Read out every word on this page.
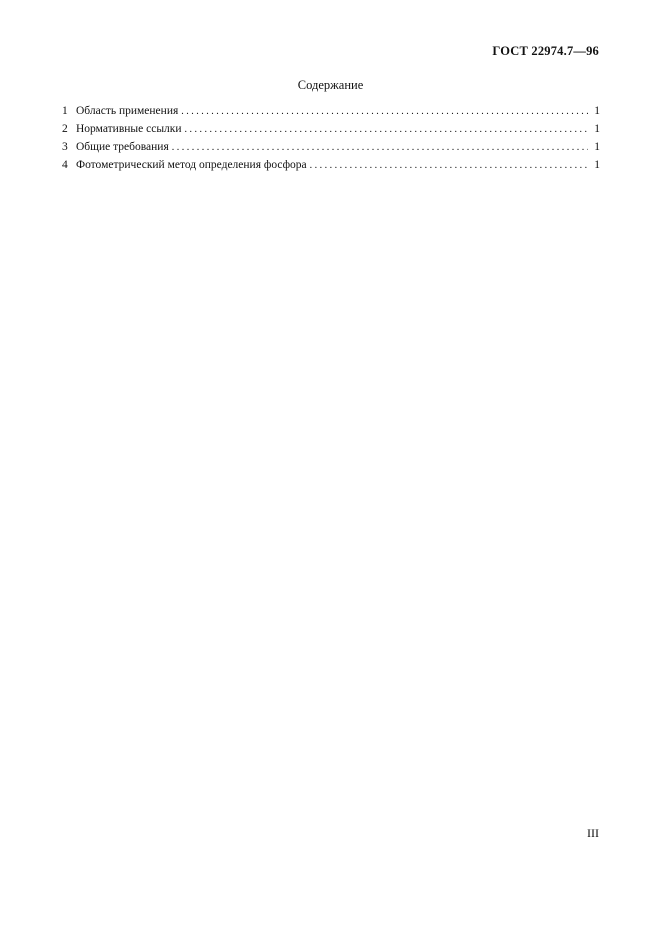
ГОСТ 22974.7—96
Содержание
1 Область применения . . .	1
2 Нормативные ссылки . . .	1
3 Общие требования . . .	1
4 Фотометрический метод определения фосфора . . .	1
III
